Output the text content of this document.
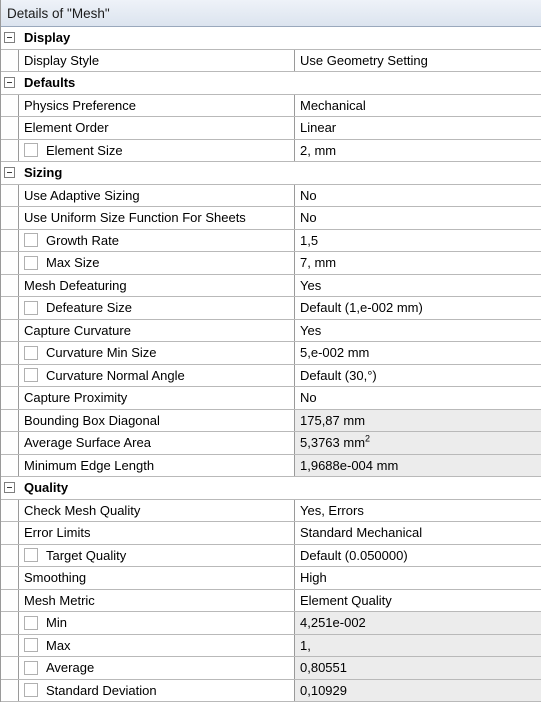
Details of "Mesh"
Display
Display Style	Use Geometry Setting
Defaults
Physics Preference	Mechanical
Element Order	Linear
Element Size	2, mm
Sizing
Use Adaptive Sizing	No
Use Uniform Size Function For Sheets	No
Growth Rate	1,5
Max Size	7, mm
Mesh Defeaturing	Yes
Defeature Size	Default (1,e-002 mm)
Capture Curvature	Yes
Curvature Min Size	5,e-002 mm
Curvature Normal Angle	Default (30,°)
Capture Proximity	No
Bounding Box Diagonal	175,87 mm
Average Surface Area	5,3763 $mm^2$
Minimum Edge Length	1,9688e-004 mm
Quality
Check Mesh Quality	Yes, Errors
Error Limits	Standard Mechanical
Target Quality	Default (0.050000)
Smoothing	High
Mesh Metric	Element Quality
Min	4,251e-002
Max	1,
Average	0,80551
Standard Deviation	0,10929
